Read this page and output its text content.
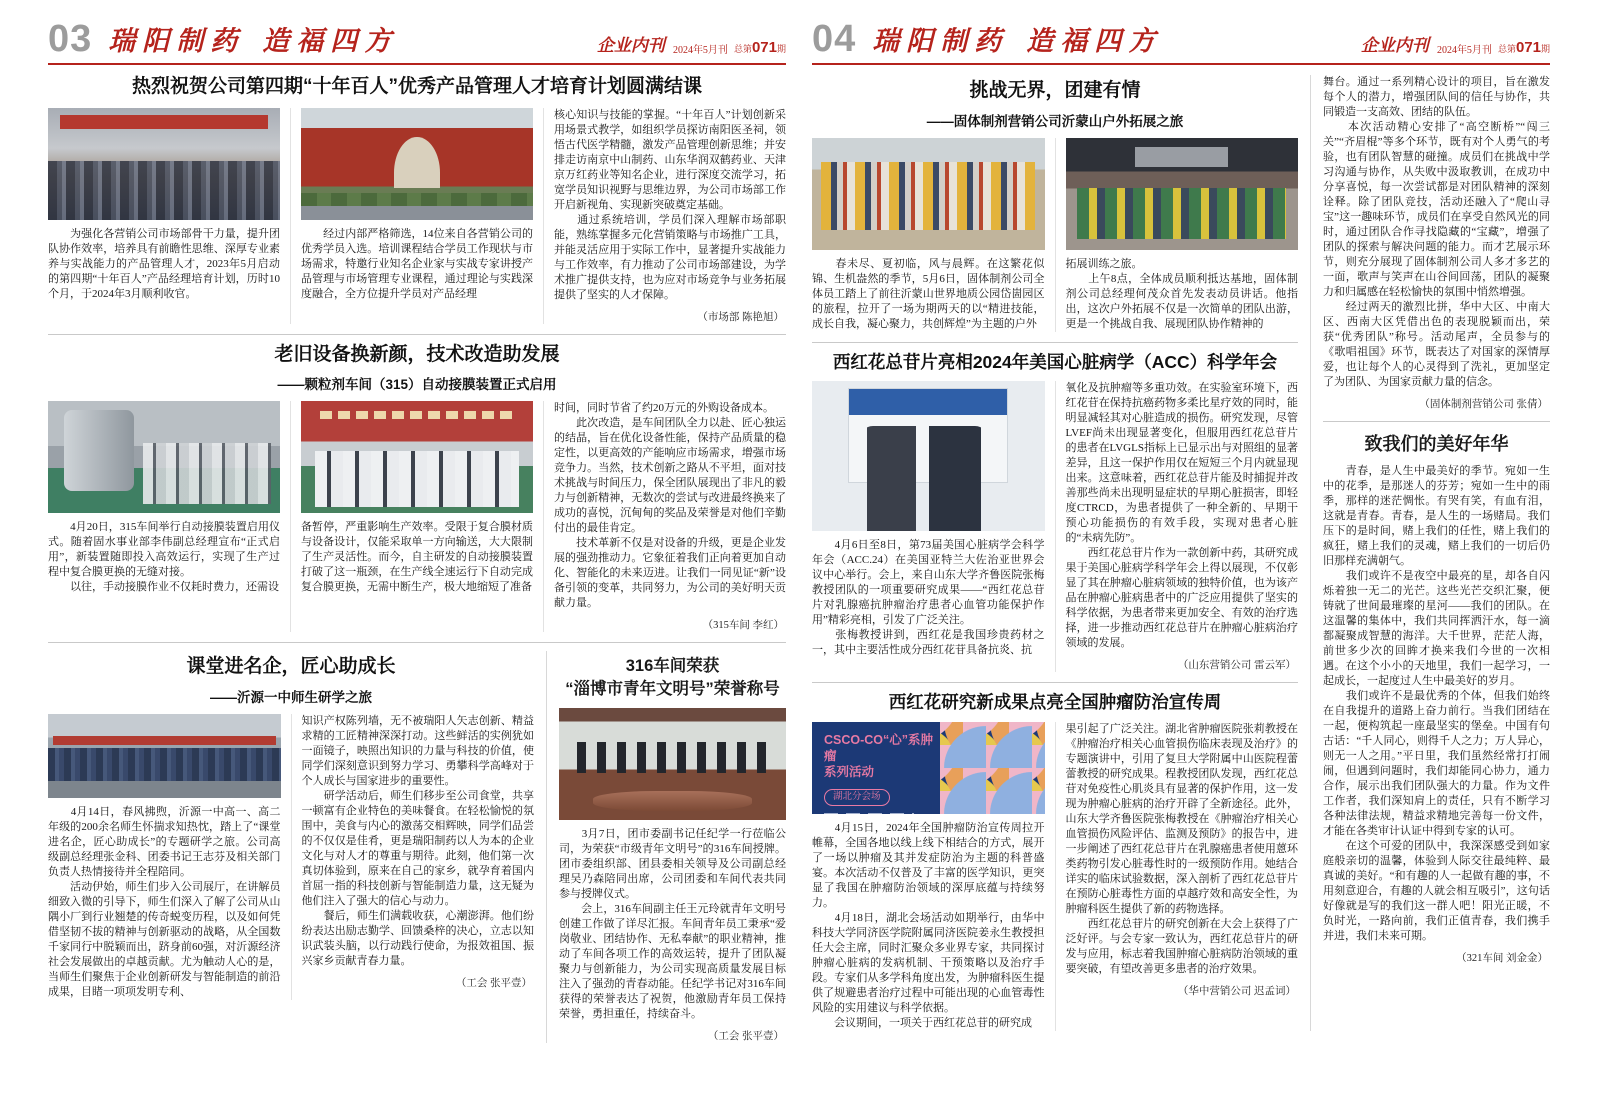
03 瑞阳制药 造福四方	企业内刊 2024年5月刊 总第071期
热烈祝贺公司第四期“十年百人”优秀产品管理人才培育计划圆满结课

　　为强化各营销公司市场部骨干力量，提升团队协作效率，培养具有前瞻性思维、深厚专业素养与实战能力的产品管理人才，2023年5月启动的第四期“十年百人”产品经理培育计划，历时10个月，于2024年3月顺利收官。

　　经过内部严格筛选，14位来自各营销公司的优秀学员入选。培训课程结合学员工作现状与市场需求，特邀行业知名企业家与实战专家讲授产品管理与市场管理专业课程，通过理论与实践深度融合，全方位提升学员对产品经理

核心知识与技能的掌握。“十年百人”计划创新采用场景式教学，如组织学员探访南阳医圣祠，领悟古代医学精髓，激发产品管理创新思维；并安排走访南京中山制药、山东华润双鹤药业、天津京万红药业等知名企业，进行深度交流学习，拓宽学员知识视野与思维边界，为公司市场部工作开启新视角、实现新突破奠定基础。

　　通过系统培训，学员们深入理解市场部职能，熟练掌握多元化营销策略与市场推广工具，并能灵活应用于实际工作中，显著提升实战能力与工作效率，有力推动了公司市场部建设，为学术推广提供支持，也为应对市场竞争与业务拓展提供了坚实的人才保障。

（市场部 陈艳旭）
老旧设备换新颜，技术改造助发展
——颗粒剂车间（315）自动接膜装置正式启用

　　4月20日，315车间举行自动接膜装置启用仪式。随着固水事业部李伟副总经理宣布“正式启用”，新装置随即投入高效运行，实现了生产过程中复合膜更换的无缝对接。

　　以往，手动接膜作业不仅耗时费力，还需设

备暂停，严重影响生产效率。受限于复合膜材质与设备设计，仅能采取单一方向输送，大大限制了生产灵活性。而今，自主研发的自动接膜装置打破了这一瓶颈，在生产线全速运行下自动完成复合膜更换，无需中断生产，极大地缩短了准备

时间，同时节省了约20万元的外购设备成本。

　　此次改造，是车间团队全力以赴、匠心独运的结晶，旨在优化设备性能，保持产品质量的稳定性，以更高效的产能响应市场需求，增强市场竞争力。当然，技术创新之路从不平坦，面对技术挑战与时间压力，保全团队展现出了非凡的毅力与创新精神，无数次的尝试与改进最终换来了成功的喜悦，沉甸甸的奖品及荣誉是对他们辛勤付出的最佳肯定。

　　技术革新不仅是对设备的升级，更是企业发展的强劲推动力。它象征着我们正向着更加自动化、智能化的未来迈进。让我们一同见证“新”设备引领的变革，共同努力，为公司的美好明天贡献力量。

（315车间 李红）
课堂进名企，匠心助成长
——沂源一中师生研学之旅

　　4月14日，春风拂煦，沂源一中高一、高二年级的200余名师生怀揣求知热忱，踏上了“课堂进名企，匠心助成长”的专题研学之旅。公司高级副总经理张金科、团委书记王志芬及相关部门负责人热情接待并全程陪同。

　　活动伊始，师生们步入公司展厅，在讲解员细致入微的引导下，师生们深入了解了公司从山隅小厂到行业翘楚的传奇蜕变历程，以及如何凭借坚韧不拔的精神与创新驱动的战略，从全国数千家同行中脱颖而出，跻身前60强，对沂源经济社会发展做出的卓越贡献。尤为触动人心的是，当师生们聚焦于企业创新研发与智能制造的前沿成果，目睹一项项发明专利、

知识产权陈列墙，无不被瑞阳人矢志创新、精益求精的工匠精神深深打动。这些鲜活的实例犹如一面镜子，映照出知识的力量与科技的价值，使同学们深刻意识到努力学习、勇攀科学高峰对于个人成长与国家进步的重要性。

　　研学活动后，师生们移步至公司食堂，共享一顿富有企业特色的美味餐食。在轻松愉悦的氛围中，美食与内心的激荡交相辉映，同学们品尝的不仅仅是佳肴，更是瑞阳制药以人为本的企业文化与对人才的尊重与期待。此刻，他们第一次真切体验到，原来在自己的家乡，就孕育着国内首屈一指的科技创新与智能制造力量，这无疑为他们注入了强大的信心与动力。

　　餐后，师生们满载收获，心潮澎湃。他们纷纷表达出励志勤学、回馈桑梓的决心，立志以知识武装头脑，以行动践行使命，为报效祖国、振兴家乡贡献青春力量。

（工会 张平壹）
316车间荣获
“淄博市青年文明号”荣誉称号

　　3月7日，团市委副书记任纪学一行莅临公司，为荣获“市级青年文明号”的316车间授牌。团市委组织部、团县委相关领导及公司副总经理吴乃森陪同出席，公司团委和车间代表共同参与授牌仪式。

　　会上，316车间副主任王元玲就青年文明号创建工作做了详尽汇报。车间青年员工秉承“爱岗敬业、团结协作、无私奉献”的职业精神，推动了车间各项工作的高效运转，提升了团队凝聚力与创新能力，为公司实现高质量发展目标注入了强劲的青春动能。任纪学书记对316车间获得的荣誉表达了祝贺，他激励青年员工保持荣誉，勇担重任，持续奋斗。

（工会 张平壹）
04 瑞阳制药 造福四方	企业内刊 2024年5月刊 总第071期
挑战无界，团建有情
——固体制剂营销公司沂蒙山户外拓展之旅

　　春未尽、夏初临，风与晨辉。在这繁花似锦、生机盎然的季节，5月6日，固体制剂公司全体员工踏上了前往沂蒙山世界地质公园岱崮园区的旅程，拉开了一场为期两天的以“精进技能，成长自我，凝心聚力，共创辉煌”为主题的户外

拓展训练之旅。

　　上午8点，全体成员顺利抵达基地，固体制剂公司总经理何茂众首先发表动员讲话。他指出，这次户外拓展不仅是一次简单的团队出游，更是一个挑战自我、展现团队协作精神的

西红花总苷片亮相2024年美国心脏病学（ACC）科学年会

　　4月6日至8日，第73届美国心脏病学会科学年会（ACC.24）在美国亚特兰大佐治亚世界会议中心举行。会上，来自山东大学齐鲁医院张梅教授团队的一项重要研究成果——“西红花总苷片对乳腺癌抗肿瘤治疗患者心血管功能保护作用”精彩亮相，引发了广泛关注。

　　张梅教授讲到，西红花是我国珍贵药材之一，其中主要活性成分西红花苷具备抗炎、抗

氧化及抗肿瘤等多重功效。在实验室环境下，西红花苷在保持抗癌药物多柔比星疗效的同时，能明显减轻其对心脏造成的损伤。研究发现，尽管LVEF尚未出现显著变化，但服用西红花总苷片的患者在LVGLS指标上已显示出与对照组的显著差异，且这一保护作用仅在短短三个月内就显现出来。这意味着，西红花总苷片能及时捕捉并改善那些尚未出现明显症状的早期心脏损害，即轻度CTRCD，为患者提供了一种全新的、早期干预心功能损伤的有效手段，实现对患者心脏的“未病先防”。

　　西红花总苷片作为一款创新中药，其研究成果于美国心脏病学科学年会上得以展现，不仅彰显了其在肿瘤心脏病领域的独特价值，也为该产品在肿瘤心脏病患者中的广泛应用提供了坚实的科学依据，为患者带来更加安全、有效的治疗选择，进一步推动西红花总苷片在肿瘤心脏病治疗领域的发展。

（山东营销公司 雷云军）
西红花研究新成果点亮全国肿瘤防治宣传周
CSCO-CO“心”系肿瘤
系列活动
湖北分会场

　　4月15日，2024年全国肿瘤防治宣传周拉开帷幕，全国各地以线上线下相结合的方式，展开了一场以肿瘤及其并发症防治为主题的科普盛宴。本次活动不仅普及了丰富的医学知识，更突显了我国在肿瘤防治领域的深厚底蕴与持续努力。

　　4月18日，湖北会场活动如期举行，由华中科技大学同济医学院附属同济医院姜永生教授担任大会主席，同时汇聚众多业界专家，共同探讨肿瘤心脏病的发病机制、干预策略以及治疗手段。专家们从多学科角度出发，为肿瘤科医生提供了规避患者治疗过程中可能出现的心血管毒性风险的实用建议与科学依据。

　　会议期间，一项关于西红花总苷的研究成

果引起了广泛关注。湖北省肿瘤医院张莉教授在《肿瘤治疗相关心血管损伤临床表现及治疗》的专题演讲中，引用了复旦大学附属中山医院程蕾蕾教授的研究成果。程教授团队发现，西红花总苷对免疫性心肌炎具有显著的保护作用，这一发现为肿瘤心脏病的治疗开辟了全新途径。此外，山东大学齐鲁医院张梅教授在《肿瘤治疗相关心血管损伤风险评估、监测及预防》的报告中，进一步阐述了西红花总苷片在乳腺癌患者使用蒽环类药物引发心脏毒性时的一级预防作用。她结合详实的临床试验数据，深入剖析了西红花总苷片在预防心脏毒性方面的卓越疗效和高安全性，为肿瘤科医生提供了新的药物选择。

　　西红花总苷片的研究创新在大会上获得了广泛好评。与会专家一致认为，西红花总苷片的研发与应用，标志着我国肿瘤心脏病防治领域的重要突破，有望改善更多患者的治疗效果。

（华中营销公司 迟孟词）

舞台。通过一系列精心设计的项目，旨在激发每个人的潜力，增强团队间的信任与协作，共同锻造一支高效、团结的队伍。

　　本次活动精心安排了“高空断桥”“闯三关”“齐眉棍”等多个环节，既有对个人勇气的考验，也有团队智慧的碰撞。成员们在挑战中学习沟通与协作，从失败中汲取教训，在成功中分享喜悦，每一次尝试都是对团队精神的深刻诠释。除了团队竞技，活动还融入了“爬山寻宝”这一趣味环节，成员们在享受自然风光的同时，通过团队合作寻找隐藏的“宝藏”，增强了团队的探索与解决问题的能力。而才艺展示环节，则充分展现了固体制剂公司人多才多艺的一面，歌声与笑声在山谷间回荡，团队的凝聚力和归属感在轻松愉快的氛围中悄然增强。

　　经过两天的激烈比拼，华中大区、中南大区、西南大区凭借出色的表现脱颖而出，荣获“优秀团队”称号。活动尾声，全员参与的《歌唱祖国》环节，既表达了对国家的深情厚爱，也让每个人的心灵得到了洗礼，更加坚定了为团队、为国家贡献力量的信念。

（固体制剂营销公司 张倩）
致我们的美好年华

　　青春，是人生中最美好的季节。宛如一生中的花季，是那迷人的芬芳；宛如一生中的雨季，那样的迷茫惆怅。有哭有笑，有血有泪，这就是青春。青春，是人生的一场赌局。我们压下的是时间，赌上我们的任性，赌上我们的疯狂，赌上我们的灵魂，赌上我们的一切后仍旧那样充满朝气。

　　我们或许不是夜空中最亮的星，却各自闪烁着独一无二的光芒。这些光芒交织汇聚，便铸就了世间最璀璨的星河——我们的团队。在这温馨的集体中，我们共同挥洒汗水，每一滴都凝聚成智慧的海洋。大千世界，茫茫人海，前世多少次的回眸才换来我们今世的一次相遇。在这个小小的天地里，我们一起学习，一起成长，一起度过人生中最美好的岁月。

　　我们或许不是最优秀的个体，但我们始终在自我提升的道路上奋力前行。当我们团结在一起，便构筑起一座最坚实的堡垒。中国有句古话：“千人同心，则得千人之力；万人异心，则无一人之用。”平日里，我们虽然经常打打闹闹，但遇到问题时，我们却能同心协力，通力合作，展示出我们团队强大的力量。作为文件工作者，我们深知肩上的责任，只有不断学习各种法律法规，精益求精地完善每一份文件，才能在各类审计认证中得到专家的认可。

　　在这个可爱的团队中，我深深感受到如家庭般亲切的温馨，体验到人际交往最纯粹、最真诚的美好。“和有趣的人一起做有趣的事，不用刻意迎合，有趣的人就会相互吸引”，这句话好像就是写的我们这一群人吧！阳光正暖，不负时光，一路向前，我们正值青春，我们携手并进，我们未来可期。

（321车间 刘金金）
